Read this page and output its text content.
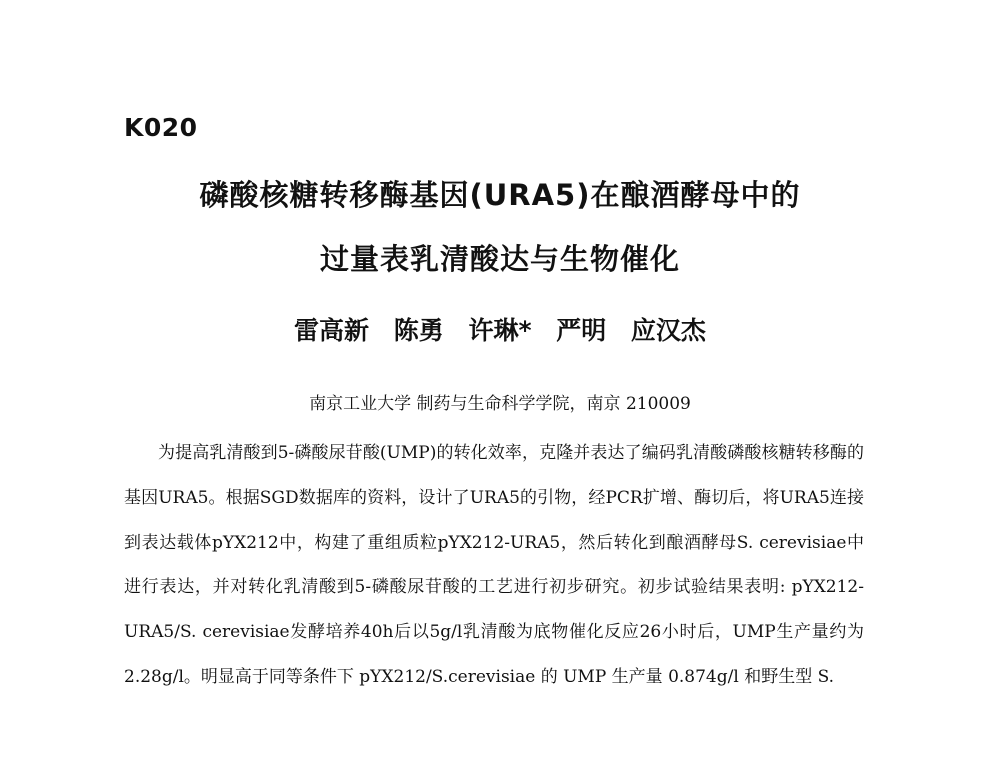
K020
磷酸核糖转移酶基因(URA5)在酿酒酵母中的
过量表乳清酸达与生物催化
雷高新 陈勇 许琳* 严明 应汉杰
南京工业大学 制药与生命科学学院，南京 210009

为提高乳清酸到5-磷酸尿苷酸(UMP)的转化效率，克隆并表达了编码乳清酸磷酸核糖转移酶的基因URA5。根据SGD数据库的资料，设计了URA5的引物，经PCR扩增、酶切后，将URA5连接到表达载体pYX212中，构建了重组质粒pYX212-URA5，然后转化到酿酒酵母S. cerevisiae中进行表达，并对转化乳清酸到5-磷酸尿苷酸的工艺进行初步研究。初步试验结果表明: pYX212-URA5/S. cerevisiae发酵培养40h后以5g/l乳清酸为底物催化反应26小时后，UMP生产量约为2.28g/l。明显高于同等条件下 pYX212/S.cerevisiae 的 UMP 生产量 0.874g/l 和野生型 S.
